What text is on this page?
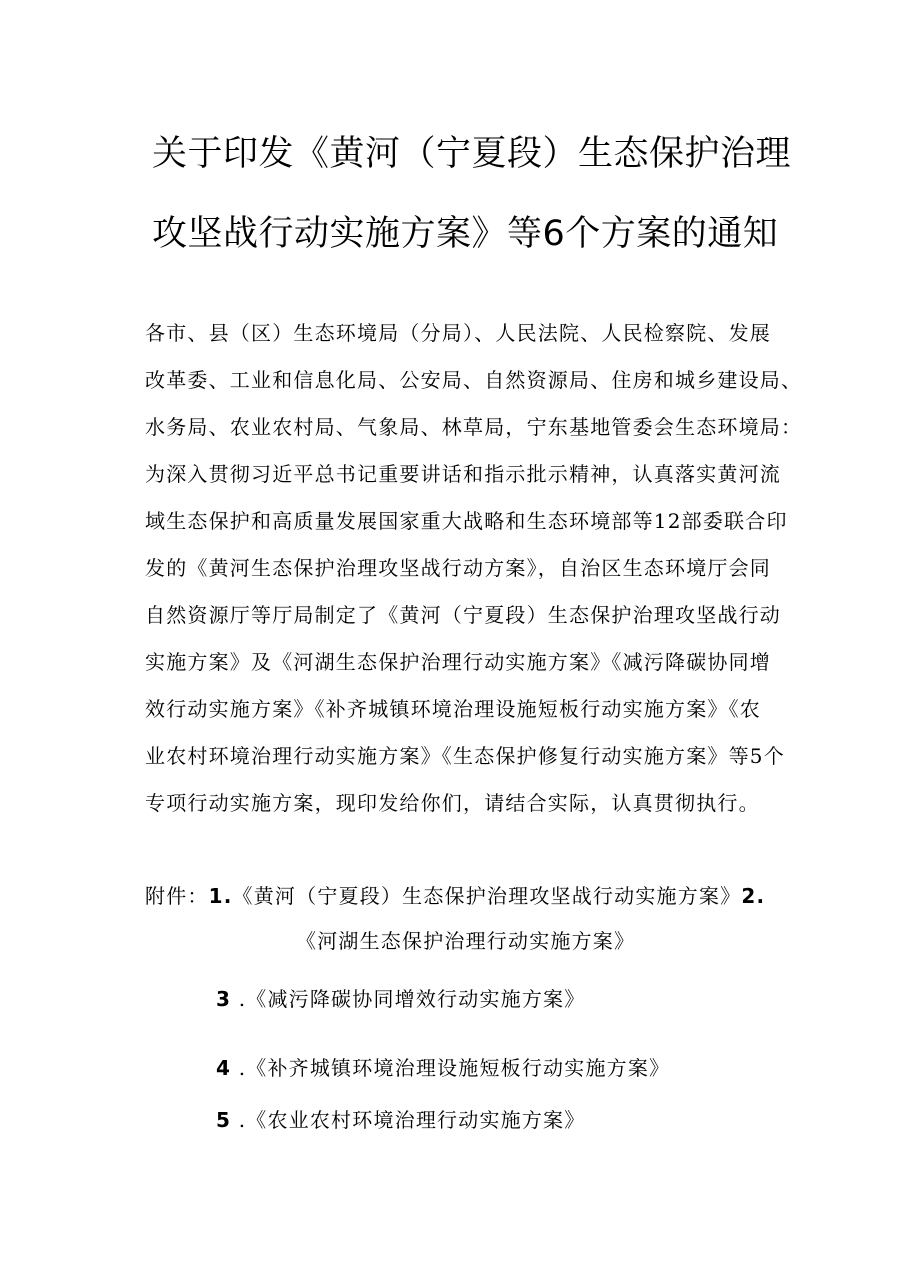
关于印发《黄河（宁夏段）生态保护治理
攻坚战行动实施方案》等6个方案的通知
各市、县（区）生态环境局（分局）、人民法院、人民检察院、发展
改革委、工业和信息化局、公安局、自然资源局、住房和城乡建设局、
水务局、农业农村局、气象局、林草局，宁东基地管委会生态环境局：
为深入贯彻习近平总书记重要讲话和指示批示精神，认真落实黄河流
域生态保护和高质量发展国家重大战略和生态环境部等12部委联合印
发的《黄河生态保护治理攻坚战行动方案》，自治区生态环境厅会同
自然资源厅等厅局制定了《黄河（宁夏段）生态保护治理攻坚战行动
实施方案》及《河湖生态保护治理行动实施方案》《减污降碳协同增
效行动实施方案》《补齐城镇环境治理设施短板行动实施方案》《农
业农村环境治理行动实施方案》《生态保护修复行动实施方案》等5个
专项行动实施方案，现印发给你们，请结合实际，认真贯彻执行。
附件：1.《黄河（宁夏段）生态保护治理攻坚战行动实施方案》2.
《河湖生态保护治理行动实施方案》
3 .《减污降碳协同增效行动实施方案》
4 .《补齐城镇环境治理设施短板行动实施方案》
5 .《农业农村环境治理行动实施方案》
